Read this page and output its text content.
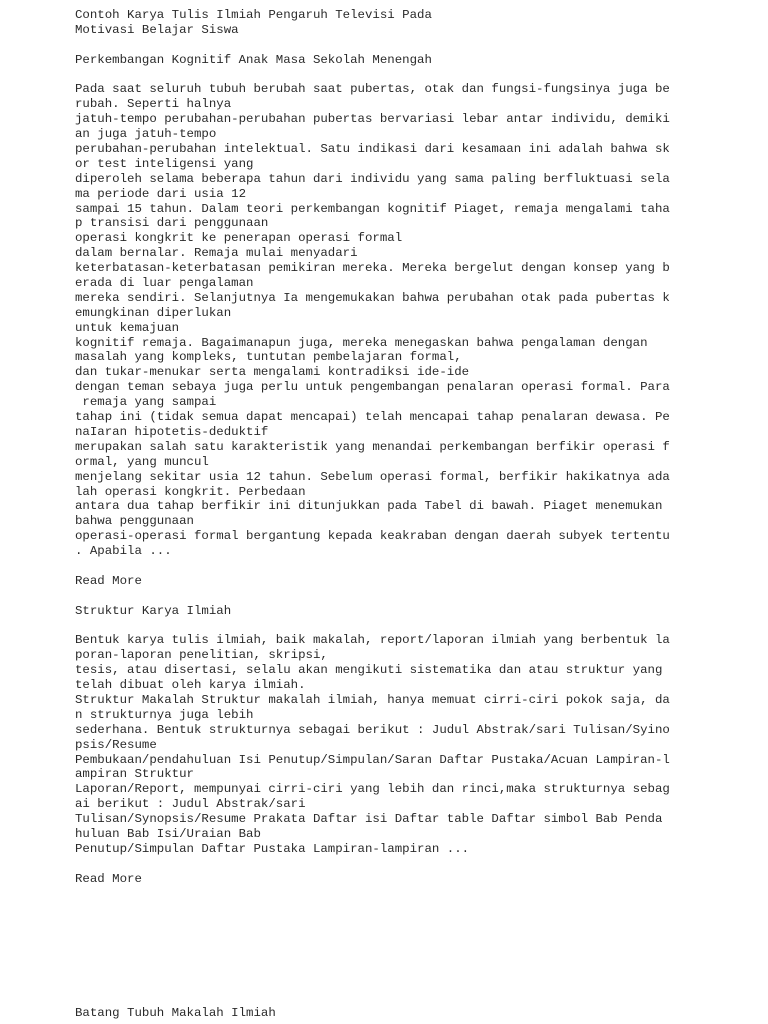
Contoh Karya Tulis Ilmiah Pengaruh Televisi Pada
Motivasi Belajar Siswa
Perkembangan Kognitif Anak Masa Sekolah Menengah
Pada saat seluruh tubuh berubah saat pubertas, otak dan fungsi-fungsinya juga be
rubah. Seperti halnya
jatuh-tempo perubahan-perubahan pubertas bervariasi lebar antar individu, demiki
an juga jatuh-tempo
perubahan-perubahan intelektual. Satu indikasi dari kesamaan ini adalah bahwa sk
or test inteligensi yang
diperoleh selama beberapa tahun dari individu yang sama paling berfluktuasi sela
ma periode dari usia 12
sampai 15 tahun. Dalam teori perkembangan kognitif Piaget, remaja mengalami taha
p transisi dari penggunaan
operasi kongkrit ke penerapan operasi formal
dalam bernalar. Remaja mulai menyadari
keterbatasan-keterbatasan pemikiran mereka. Mereka bergelut dengan konsep yang b
erada di luar pengalaman
mereka sendiri. Selanjutnya Ia mengemukakan bahwa perubahan otak pada pubertas k
emungkinan diperlukan
untuk kemajuan
kognitif remaja. Bagaimanapun juga, mereka menegaskan bahwa pengalaman dengan
masalah yang kompleks, tuntutan pembelajaran formal,
dan tukar-menukar serta mengalami kontradiksi ide-ide
dengan teman sebaya juga perlu untuk pengembangan penalaran operasi formal. Para
remaja yang sampai
tahap ini (tidak semua dapat mencapai) telah mencapai tahap penalaran dewasa. Pe
naIaran hipotetis-deduktif
merupakan salah satu karakteristik yang menandai perkembangan berfikir operasi f
ormal, yang muncul
menjelang sekitar usia 12 tahun. Sebelum operasi formal, berfikir hakikatnya ada
lah operasi kongkrit. Perbedaan
antara dua tahap berfikir ini ditunjukkan pada Tabel di bawah. Piaget menemukan
bahwa penggunaan
operasi-operasi formal bergantung kepada keakraban dengan daerah subyek tertentu
. Apabila ...
Read More
Struktur Karya Ilmiah
Bentuk karya tulis ilmiah, baik makalah, report/laporan ilmiah yang berbentuk la
poran-laporan penelitian, skripsi,
tesis, atau disertasi, selalu akan mengikuti sistematika dan atau struktur yang
telah dibuat oleh karya ilmiah.
Struktur Makalah Struktur makalah ilmiah, hanya memuat cirri-ciri pokok saja, da
n strukturnya juga lebih
sederhana. Bentuk strukturnya sebagai berikut : Judul Abstrak/sari Tulisan/Syino
psis/Resume
Pembukaan/pendahuluan Isi Penutup/Simpulan/Saran Daftar Pustaka/Acuan Lampiran-l
ampiran Struktur
Laporan/Report, mempunyai cirri-ciri yang lebih dan rinci,maka strukturnya sebag
ai berikut : Judul Abstrak/sari
Tulisan/Synopsis/Resume Prakata Daftar isi Daftar table Daftar simbol Bab Penda
huluan Bab Isi/Uraian Bab
Penutup/Simpulan Daftar Pustaka Lampiran-lampiran ...
Read More
Batang Tubuh Makalah Ilmiah
